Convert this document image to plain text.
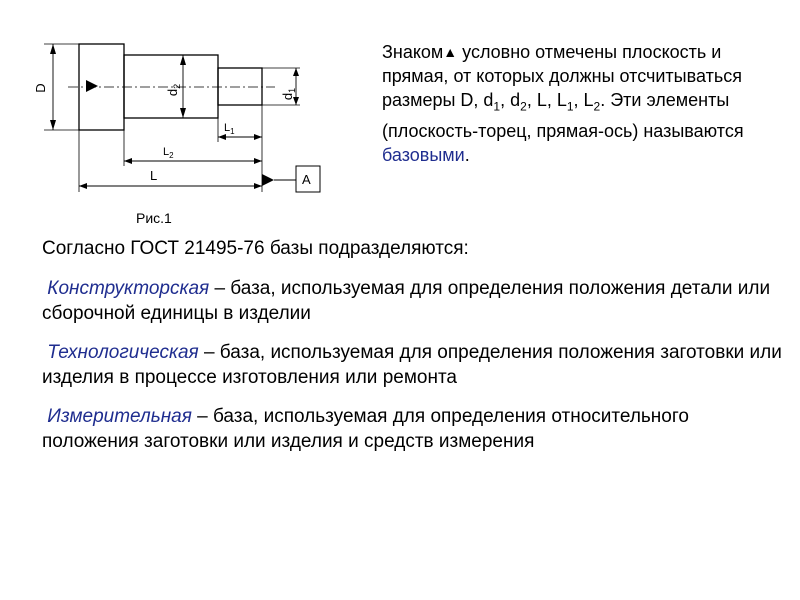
D	$d_2$
$d_1$
$L_1$
$L_2$
L	A
Рис.1
Знаком▲ условно отмечены плоскость и прямая, от которых должны отсчитываться размеры D, $d_1$, $d_2$, L, $L_1$, $L_2$. Эти элементы (плоскость-торец, прямая-ось) называются базовыми.
Согласно ГОСТ 21495-76 базы подразделяются:

Конструкторская – база, используемая для определения положения детали или сборочной единицы в изделии

Технологическая – база, используемая для определения положения заготовки или изделия в процессе изготовления или ремонта

Измерительная – база, используемая для определения относительного положения заготовки или изделия и средств измерения
